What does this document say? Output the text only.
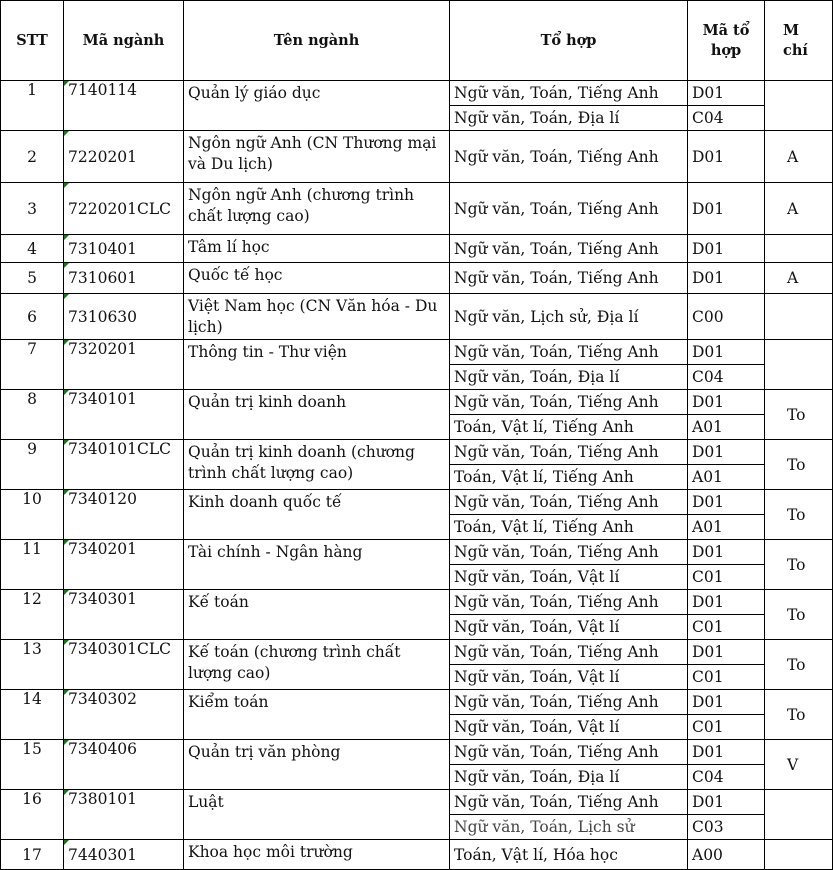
STT	Mã ngành	Tên ngành	Tổ hợp	Mã tổ hợp	M chí
1	7140114	Quản lý giáo dục	Ngữ văn, Toán, Tiếng Anh	D01	
			Ngữ văn, Toán, Địa lí	C04	
2	7220201	Ngôn ngữ Anh (CN Thương mại và Du lịch)	Ngữ văn, Toán, Tiếng Anh	D01	A
3	7220201CLC	Ngôn ngữ Anh (chương trình chất lượng cao)	Ngữ văn, Toán, Tiếng Anh	D01	A
4	7310401	Tâm lí học	Ngữ văn, Toán, Tiếng Anh	D01	
5	7310601	Quốc tế học	Ngữ văn, Toán, Tiếng Anh	D01	A
6	7310630	Việt Nam học (CN Văn hóa - Du lịch)	Ngữ văn, Lịch sử, Địa lí	C00	
7	7320201	Thông tin - Thư viện	Ngữ văn, Toán, Tiếng Anh	D01	
			Ngữ văn, Toán, Địa lí	C04	
8	7340101	Quản trị kinh doanh	Ngữ văn, Toán, Tiếng Anh	D01	To
			Toán, Vật lí, Tiếng Anh	A01	
9	7340101CLC	Quản trị kinh doanh (chương trình chất lượng cao)	Ngữ văn, Toán, Tiếng Anh	D01	To
			Toán, Vật lí, Tiếng Anh	A01	
10	7340120	Kinh doanh quốc tế	Ngữ văn, Toán, Tiếng Anh	D01	To
			Toán, Vật lí, Tiếng Anh	A01	
11	7340201	Tài chính - Ngân hàng	Ngữ văn, Toán, Tiếng Anh	D01	To
			Ngữ văn, Toán, Vật lí	C01	
12	7340301	Kế toán	Ngữ văn, Toán, Tiếng Anh	D01	To
			Ngữ văn, Toán, Vật lí	C01	
13	7340301CLC	Kế toán (chương trình chất lượng cao)	Ngữ văn, Toán, Tiếng Anh	D01	To
			Ngữ văn, Toán, Vật lí	C01	
14	7340302	Kiểm toán	Ngữ văn, Toán, Tiếng Anh	D01	To
			Ngữ văn, Toán, Vật lí	C01	
15	7340406	Quản trị văn phòng	Ngữ văn, Toán, Tiếng Anh	D01	V
			Ngữ văn, Toán, Địa lí	C04	
16	7380101	Luật	Ngữ văn, Toán, Tiếng Anh	D01	
			Ngữ văn, Toán, Lịch sử	C03	
17	7440301	Khoa học môi trường	Toán, Vật lí, Hóa học	A00	
